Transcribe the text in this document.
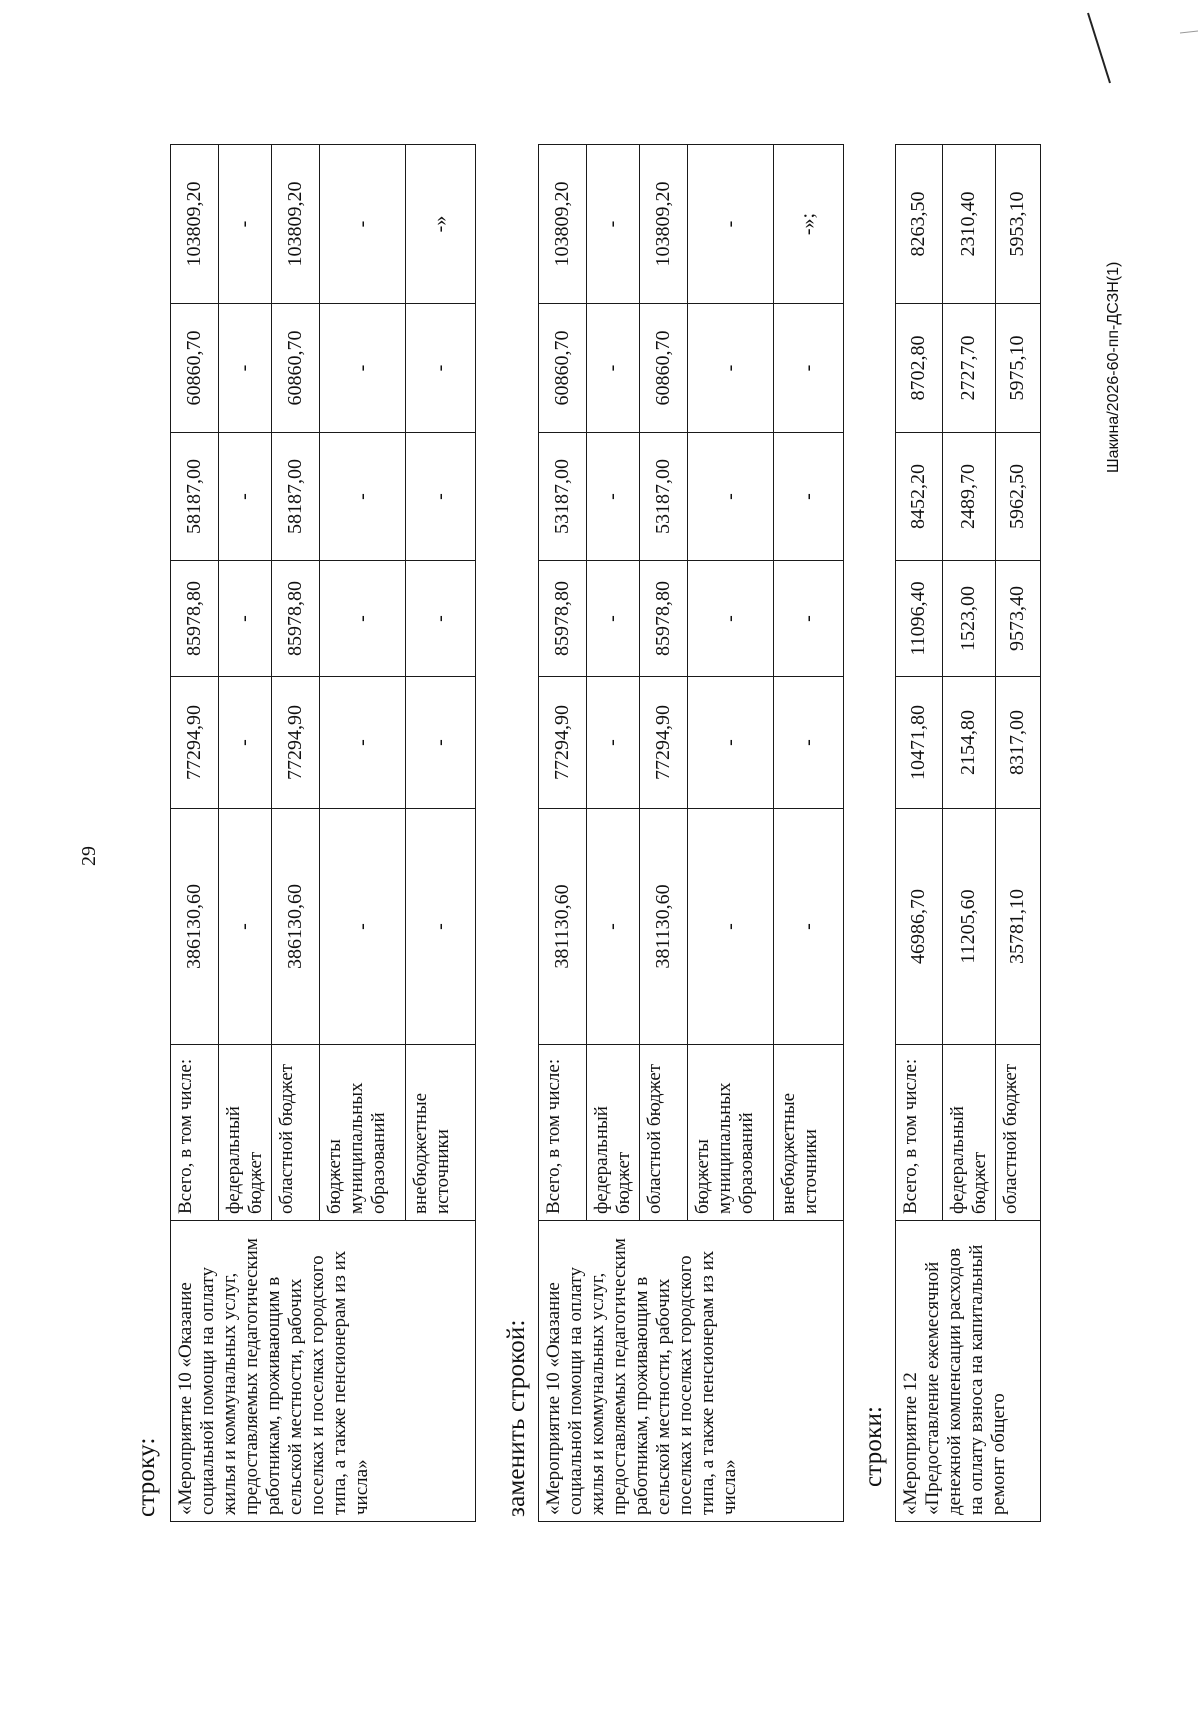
29
строку: «Мероприятие 10 «Оказание социальной помощи на оплату жилья и коммунальных услуг, предоставляемых педагогическим работникам, проживающим в сельской местности, рабочих поселках и поселках городского типа, а также пенсионерам из их числа»	Всего, в том числе:	386130,60	77294,90	85978,80	58187,00	60860,70	103809,20
	федеральный бюджет	-	-	-	-	-	-
	областной бюджет	386130,60	77294,90	85978,80	58187,00	60860,70	103809,20
	бюджеты муниципальных образований	-	-	-	-	-	-
	внебюджетные источники	-	-	-	-	-	-»
заменить строкой: «Мероприятие 10 «Оказание социальной помощи на оплату жилья и коммунальных услуг, предоставляемых педагогическим работникам, проживающим в сельской местности, рабочих поселках и поселках городского типа, а также пенсионерам из их числа»	Всего, в том числе:	381130,60	77294,90	85978,80	53187,00	60860,70	103809,20
	федеральный бюджет	-	-	-	-	-	-
	областной бюджет	381130,60	77294,90	85978,80	53187,00	60860,70	103809,20
	бюджеты муниципальных образований	-	-	-	-	-	-
	внебюджетные источники	-	-	-	-	-	-»;
строки: «Мероприятие 12 «Предоставление ежемесячной денежной компенсации расходов на оплату взноса на капитальный ремонт общего	Всего, в том числе:	46986,70	10471,80	11096,40	8452,20	8702,80	8263,50
	федеральный бюджет	11205,60	2154,80	1523,00	2489,70	2727,70	2310,40
	областной бюджет	35781,10	8317,00	9573,40	5962,50	5975,10	5953,10
Шакина/2026-60-пп-ДСЗН(1)
